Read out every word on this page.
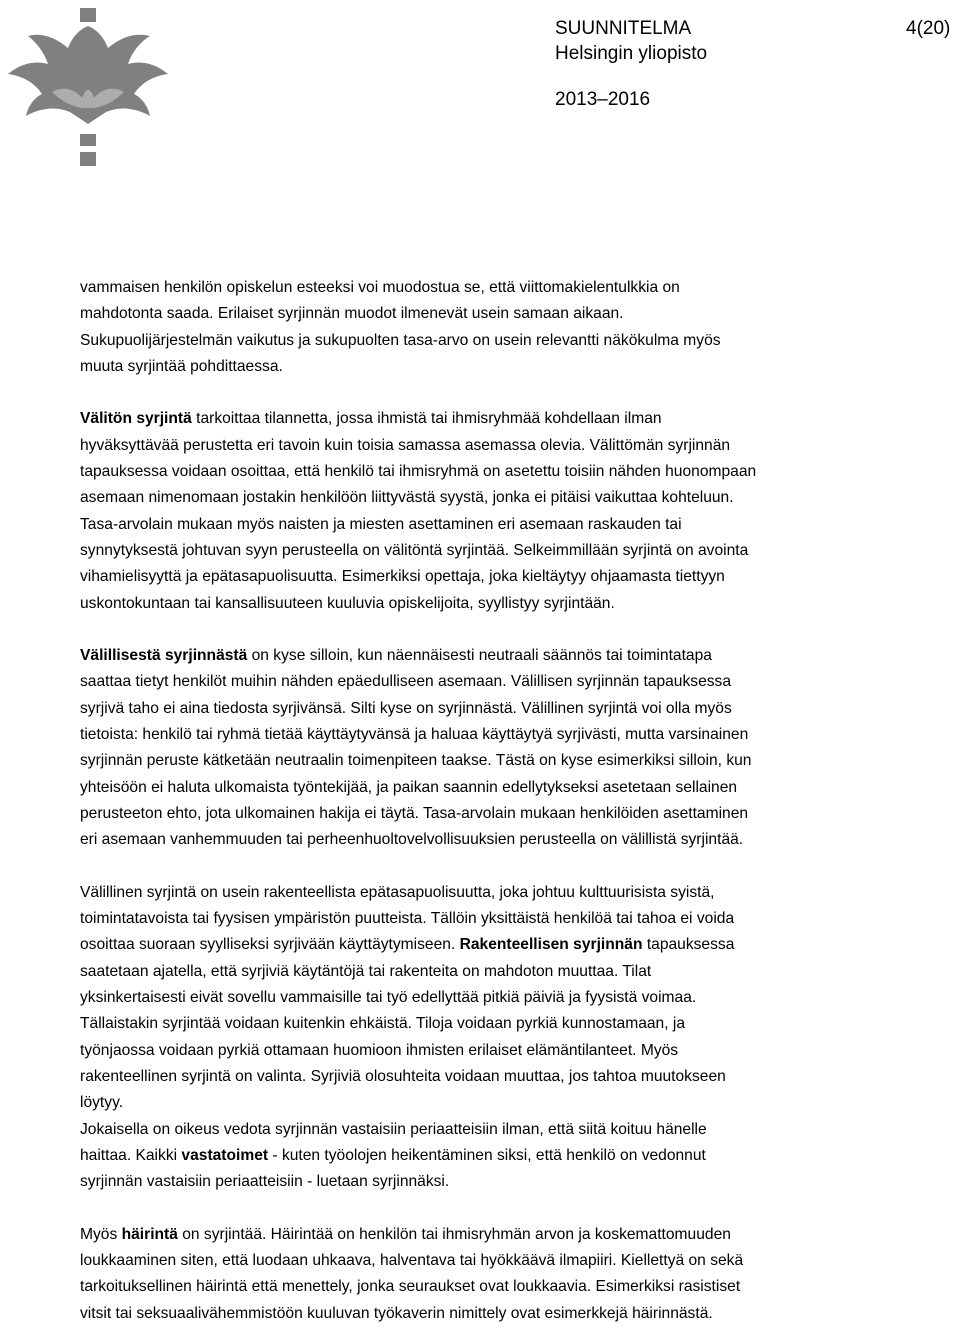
SUUNNITELMA
Helsingin yliopisto
2013–2016
4(20)

vammaisen henkilön opiskelun esteeksi voi muodostua se, että viittomakielentulkkia on

mahdotonta saada. Erilaiset syrjinnän muodot ilmenevät usein samaan aikaan.

Sukupuolijärjestelmän vaikutus ja sukupuolten tasa-arvo on usein relevantti näkökulma myös

muuta syrjintää pohdittaessa.

Välitön syrjintä tarkoittaa tilannetta, jossa ihmistä tai ihmisryhmää kohdellaan ilman

hyväksyttävää perustetta eri tavoin kuin toisia samassa asemassa olevia. Välittömän syrjinnän

tapauksessa voidaan osoittaa, että henkilö tai ihmisryhmä on asetettu toisiin nähden huonompaan

asemaan nimenomaan jostakin henkilöön liittyvästä syystä, jonka ei pitäisi vaikuttaa kohteluun.

Tasa-arvolain mukaan myös naisten ja miesten asettaminen eri asemaan raskauden tai

synnytyksestä johtuvan syyn perusteella on välitöntä syrjintää. Selkeimmillään syrjintä on avointa

vihamielisyyttä ja epätasapuolisuutta. Esimerkiksi opettaja, joka kieltäytyy ohjaamasta tiettyyn

uskontokuntaan tai kansallisuuteen kuuluvia opiskelijoita, syyllistyy syrjintään.

Välillisestä syrjinnästä on kyse silloin, kun näennäisesti neutraali säännös tai toimintatapa

saattaa tietyt henkilöt muihin nähden epäedulliseen asemaan. Välillisen syrjinnän tapauksessa

syrjivä taho ei aina tiedosta syrjivänsä. Silti kyse on syrjinnästä. Välillinen syrjintä voi olla myös

tietoista: henkilö tai ryhmä tietää käyttäytyvänsä ja haluaa käyttäytyä syrjivästi, mutta varsinainen

syrjinnän peruste kätketään neutraalin toimenpiteen taakse. Tästä on kyse esimerkiksi silloin, kun

yhteisöön ei haluta ulkomaista työntekijää, ja paikan saannin edellytykseksi asetetaan sellainen

perusteeton ehto, jota ulkomainen hakija ei täytä. Tasa-arvolain mukaan henkilöiden asettaminen

eri asemaan vanhemmuuden tai perheenhuoltovelvollisuuksien perusteella on välillistä syrjintää.

Välillinen syrjintä on usein rakenteellista epätasapuolisuutta, joka johtuu kulttuurisista syistä,

toimintatavoista tai fyysisen ympäristön puutteista. Tällöin yksittäistä henkilöä tai tahoa ei voida

osoittaa suoraan syylliseksi syrjivään käyttäytymiseen. Rakenteellisen syrjinnän tapauksessa

saatetaan ajatella, että syrjiviä käytäntöjä tai rakenteita on mahdoton muuttaa. Tilat

yksinkertaisesti eivät sovellu vammaisille tai työ edellyttää pitkiä päiviä ja fyysistä voimaa.

Tällaistakin syrjintää voidaan kuitenkin ehkäistä. Tiloja voidaan pyrkiä kunnostamaan, ja

työnjaossa voidaan pyrkiä ottamaan huomioon ihmisten erilaiset elämäntilanteet. Myös

rakenteellinen syrjintä on valinta. Syrjiviä olosuhteita voidaan muuttaa, jos tahtoa muutokseen

löytyy.

Jokaisella on oikeus vedota syrjinnän vastaisiin periaatteisiin ilman, että siitä koituu hänelle

haittaa. Kaikki vastatoimet - kuten työolojen heikentäminen siksi, että henkilö on vedonnut

syrjinnän vastaisiin periaatteisiin - luetaan syrjinnäksi.

Myös häirintä on syrjintää. Häirintää on henkilön tai ihmisryhmän arvon ja koskemattomuuden

loukkaaminen siten, että luodaan uhkaava, halventava tai hyökkäävä ilmapiiri. Kiellettyä on sekä

tarkoituksellinen häirintä että menettely, jonka seuraukset ovat loukkaavia. Esimerkiksi rasistiset

vitsit tai seksuaalivähemmistöön kuuluvan työkaverin nimittely ovat esimerkkejä häirinnästä.
